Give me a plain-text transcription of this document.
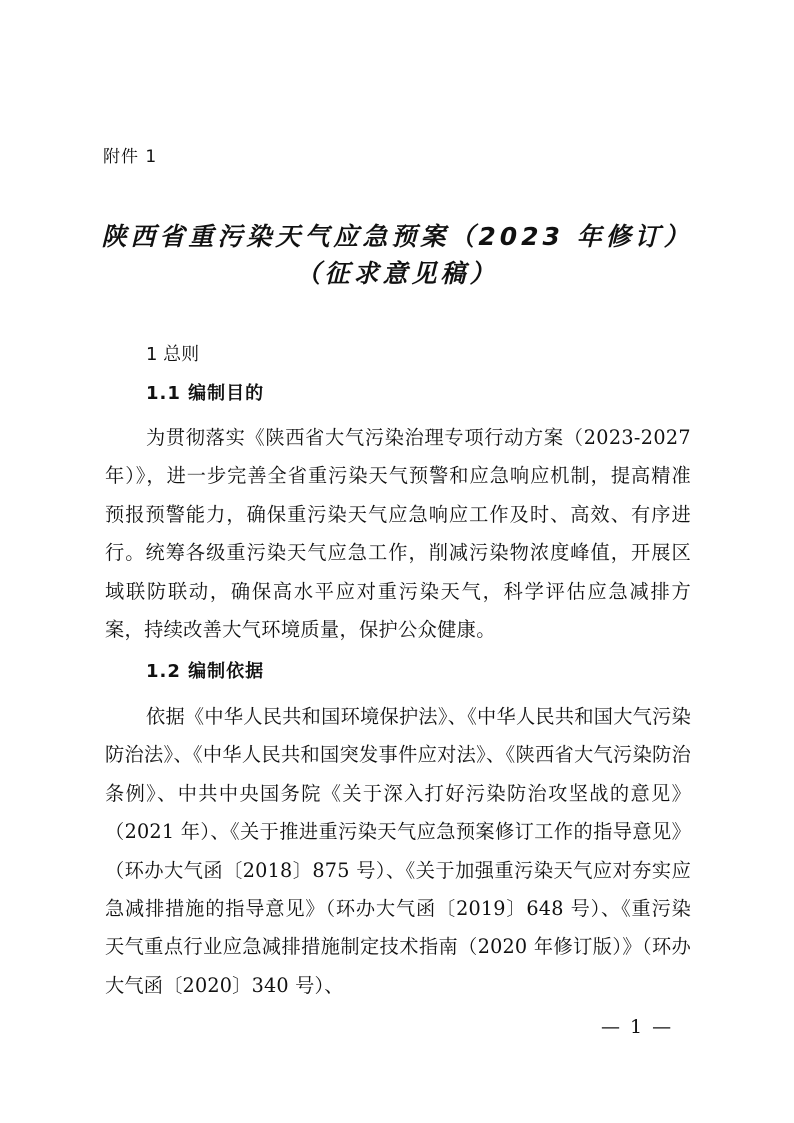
附件 1
陕西省重污染天气应急预案（2023 年修订）
（征求意见稿）
1 总则
1.1 编制目的

为贯彻落实《陕西省大气污染治理专项行动方案（2023-2027年）》，进一步完善全省重污染天气预警和应急响应机制，提高精准预报预警能力，确保重污染天气应急响应工作及时、高效、有序进行。统筹各级重污染天气应急工作，削减污染物浓度峰值，开展区域联防联动，确保高水平应对重污染天气，科学评估应急减排方案，持续改善大气环境质量，保护公众健康。

1.2 编制依据

依据《中华人民共和国环境保护法》、《中华人民共和国大气污染防治法》、《中华人民共和国突发事件应对法》、《陕西省大气污染防治条例》、中共中央国务院《关于深入打好污染防治攻坚战的意见》（2021 年）、《关于推进重污染天气应急预案修订工作的指导意见》（环办大气函〔2018〕875 号）、《关于加强重污染天气应对夯实应急减排措施的指导意见》（环办大气函〔2019〕648 号）、《重污染天气重点行业应急减排措施制定技术指南（2020 年修订版）》（环办大气函〔2020〕340 号）、

— 1 —
